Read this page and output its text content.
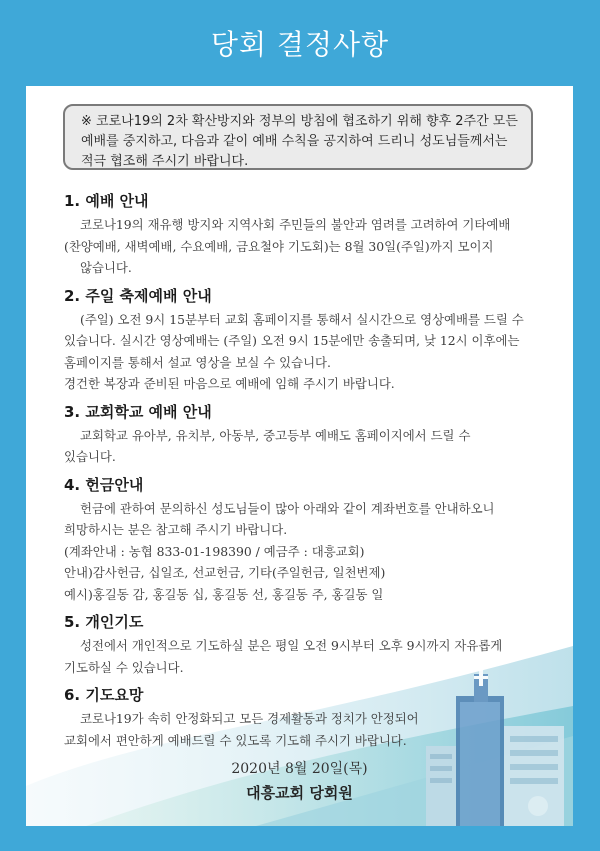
당회 결정사항
※ 코로나19의 2차 확산방지와 정부의 방침에 협조하기 위해 향후 2주간 모든
예배를 중지하고, 다음과 같이 예배 수칙을 공지하여 드리니 성도님들께서는
적극 협조해 주시기 바랍니다.
1. 예배 안내

코로나19의 재유행 방지와 지역사회 주민들의 불안과 염려를 고려하여 기타예배

(찬양예배, 새벽예배, 수요예배, 금요철야 기도회)는 8월 30일(주일)까지 모이지

않습니다.

2. 주일 축제예배 안내

(주일) 오전 9시 15분부터 교회 홈페이지를 통해서 실시간으로 영상예배를 드릴 수

있습니다. 실시간 영상예배는 (주일) 오전 9시 15분에만 송출되며, 낮 12시 이후에는

홈페이지를 통해서 설교 영상을 보실 수 있습니다.

경건한 복장과 준비된 마음으로 예배에 임해 주시기 바랍니다.

3. 교회학교 예배 안내

교회학교 유아부, 유치부, 아동부, 중고등부 예배도 홈페이지에서 드릴 수

있습니다.

4. 헌금안내

헌금에 관하여 문의하신 성도님들이 많아 아래와 같이 계좌번호를 안내하오니

희망하시는 분은 참고해 주시기 바랍니다.

(계좌안내 : 농협 833-01-198390 / 예금주 : 대흥교회)

안내)감사헌금, 십일조, 선교헌금, 기타(주일헌금, 일천번제)

예시)홍길동 감, 홍길동 십, 홍길동 선, 홍길동 주, 홍길동 일

5. 개인기도

성전에서 개인적으로 기도하실 분은 평일 오전 9시부터 오후 9시까지 자유롭게

기도하실 수 있습니다.

6. 기도요망

코로나19가 속히 안정화되고 모든 경제활동과 정치가 안정되어

교회에서 편안하게 예배드릴 수 있도록 기도해 주시기 바랍니다.

2020년 8월 20일(목)
대흥교회 당회원
